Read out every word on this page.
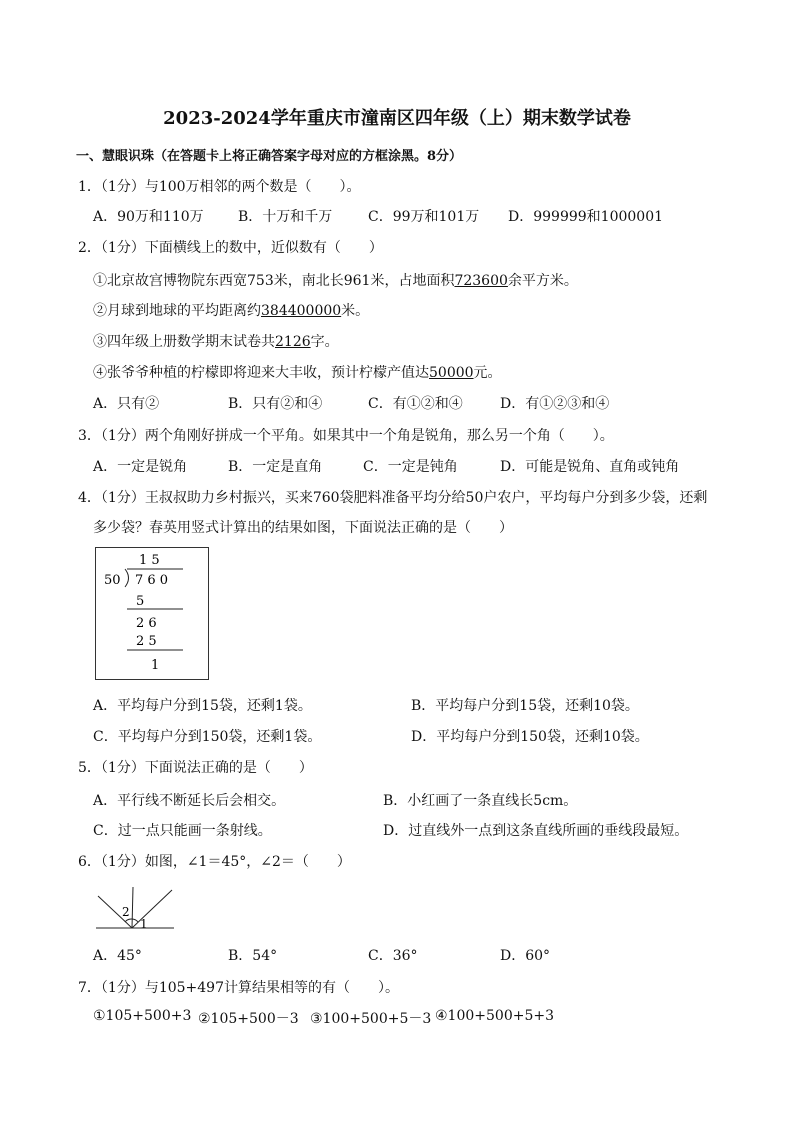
2023-2024学年重庆市潼南区四年级（上）期末数学试卷
一、慧眼识珠（在答题卡上将正确答案字母对应的方框涂黑。8分）
1．（1分）与100万相邻的两个数是（　　）。
A．90万和110万 B．十万和千万	C．99万和101万 D．999999和1000001
2．（1分）下面横线上的数中，近似数有（　　）
①北京故宫博物院东西宽753米，南北长961米，占地面积723600余平方米。
②月球到地球的平均距离约384400000米。
③四年级上册数学期末试卷共2126字。
④张爷爷种植的柠檬即将迎来大丰收，预计柠檬产值达50000元。
A．只有②	B．只有②和④	C．有①②和④	D．有①②③和④
3．（1分）两个角刚好拼成一个平角。如果其中一个角是锐角，那么另一个角（　　）。
A．一定是锐角	B．一定是直角	C．一定是钝角	D．可能是锐角、直角或钝角
4．（1分）王叔叔助力乡村振兴，买来760袋肥料准备平均分给50户农户，平均每户分到多少袋，还剩
多少袋？春英用竖式计算出的结果如图，下面说法正确的是（　　）
1 5
50 7 6 0
5
2 6
2 5
1
A．平均每户分到15袋，还剩1袋。	B．平均每户分到15袋，还剩10袋。
C．平均每户分到150袋，还剩1袋。	D．平均每户分到150袋，还剩10袋。
5．（1分）下面说法正确的是（　　）
A．平行线不断延长后会相交。	B．小红画了一条直线长5cm。
C．过一点只能画一条射线。	D．过直线外一点到这条直线所画的垂线段最短。
6．（1分）如图，∠1＝45°，∠2＝（　　）
2
1
A．45°	B．54°	C．36°	D．60°
7．（1分）与105+497计算结果相等的有（　　）。
①105+500+3 ②105+500－3 ③100+500+5－3 ④100+500+5+3
